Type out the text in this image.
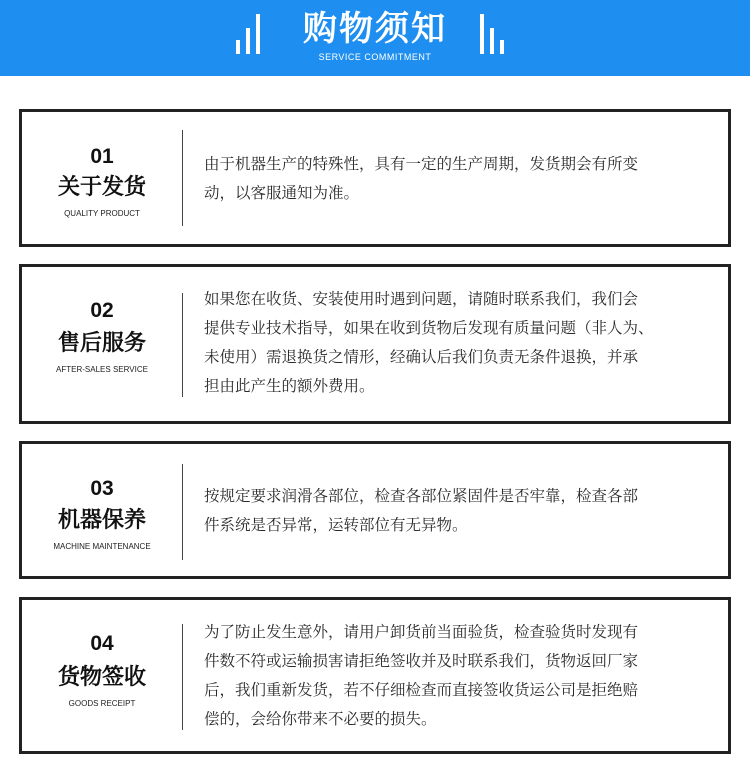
购物须知
SERVICE COMMITMENT
01
关于发货
QUALITY PRODUCT
由于机器生产的特殊性，具有一定的生产周期，发货期会有所变
动，以客服通知为准。
02
售后服务
AFTER-SALES SERVICE
如果您在收货、安装使用时遇到问题，请随时联系我们，我们会
提供专业技术指导，如果在收到货物后发现有质量问题（非人为、
未使用）需退换货之情形，经确认后我们负责无条件退换，并承
担由此产生的额外费用。
03
机器保养
MACHINE MAINTENANCE
按规定要求润滑各部位，检查各部位紧固件是否牢靠，检查各部
件系统是否异常，运转部位有无异物。
04
货物签收
GOODS RECEIPT
为了防止发生意外，请用户卸货前当面验货，检查验货时发现有
件数不符或运输损害请拒绝签收并及时联系我们，货物返回厂家
后，我们重新发货，若不仔细检查而直接签收货运公司是拒绝赔
偿的，会给你带来不必要的损失。
